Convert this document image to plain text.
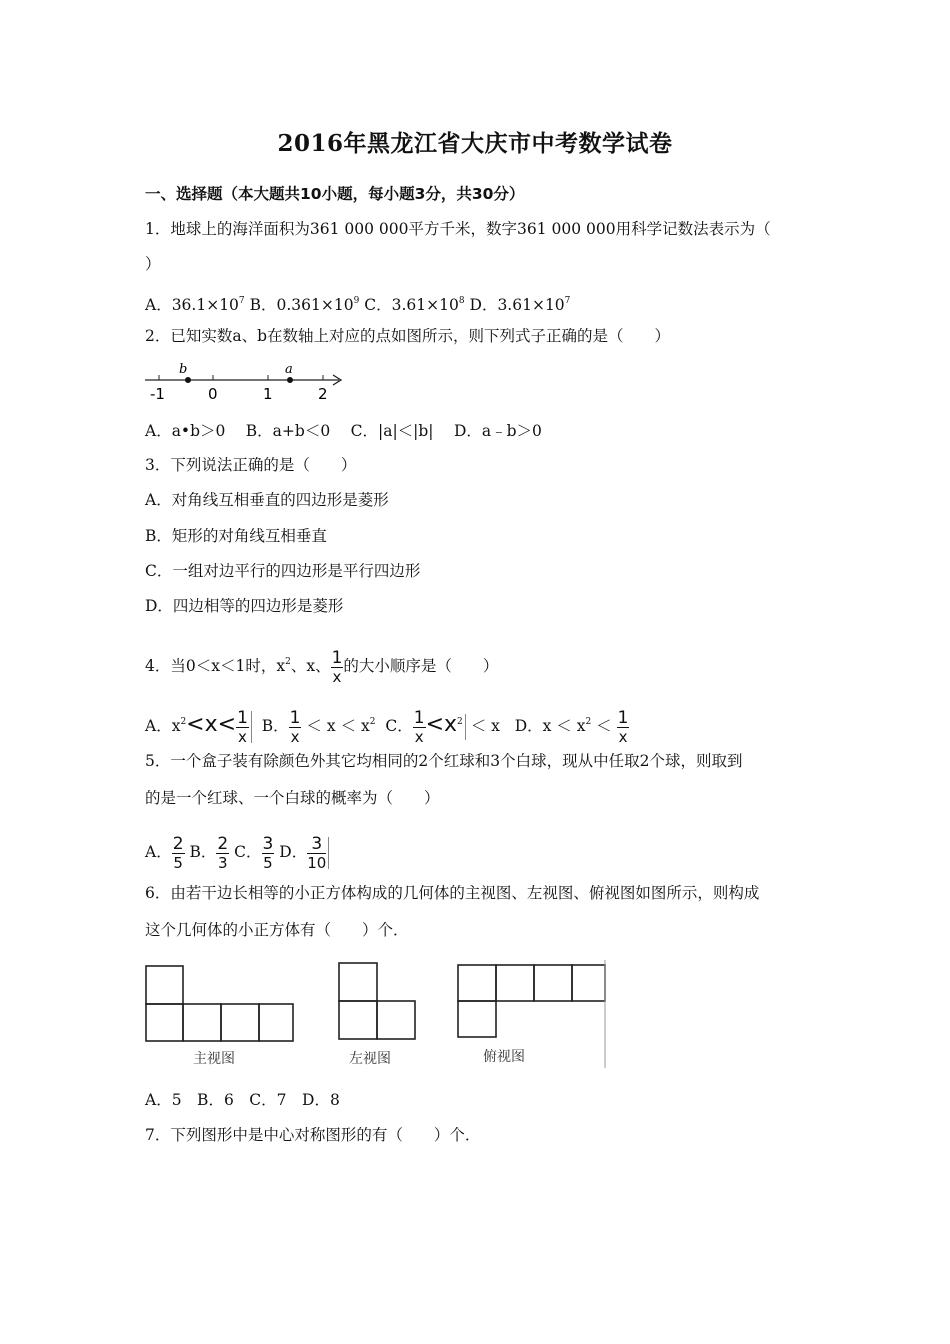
2016年黑龙江省大庆市中考数学试卷
一、选择题（本大题共10小题，每小题3分，共30分）
1．地球上的海洋面积为361 000 000平方千米，数字361 000 000用科学记数法表示为（
）
A．$36.1\times 10^7$ B．$0.361\times 10^9$ C．$3.61\times 10^8$ D．$3.61\times 10^7$
2．已知实数a、b在数轴上对应的点如图所示，则下列式子正确的是（　　）
b	a
-1	0	1	2
A．a•b＞0　 B．a+b＜0　 C．|a|＜|b|　 D．a﹣b＞0
3．下列说法正确的是（　　）
A．对角线互相垂直的四边形是菱形
B．矩形的对角线互相垂直
C．一组对边平行的四边形是平行四边形
D．四边相等的四边形是菱形
4．当0＜x＜1时，$x^2$、x、 $\frac{1}{x}$ 的大小顺序是（　　）
A．$x^2<x< \frac{1}{x}$ B． $\frac{1}{x} < x < x^2$ C． $\frac{1}{x} <x^2 < x$ D．$x < x^2 < \frac{1}{x}$
5．一个盒子装有除颜色外其它均相同的2个红球和3个白球，现从中任取2个球，则取到
的是一个红球、一个白球的概率为（　　）
A． $\frac{2}{5}$ B． $\frac{2}{3}$ C． $\frac{3}{5}$ D． $\frac{3}{10}$
6．由若干边长相等的小正方体构成的几何体的主视图、左视图、俯视图如图所示，则构成
这个几何体的小正方体有（　　）个．
主视图	左视图	俯视图
A．5　B．6　C．7　D．8
7．下列图形中是中心对称图形的有（　　）个．
